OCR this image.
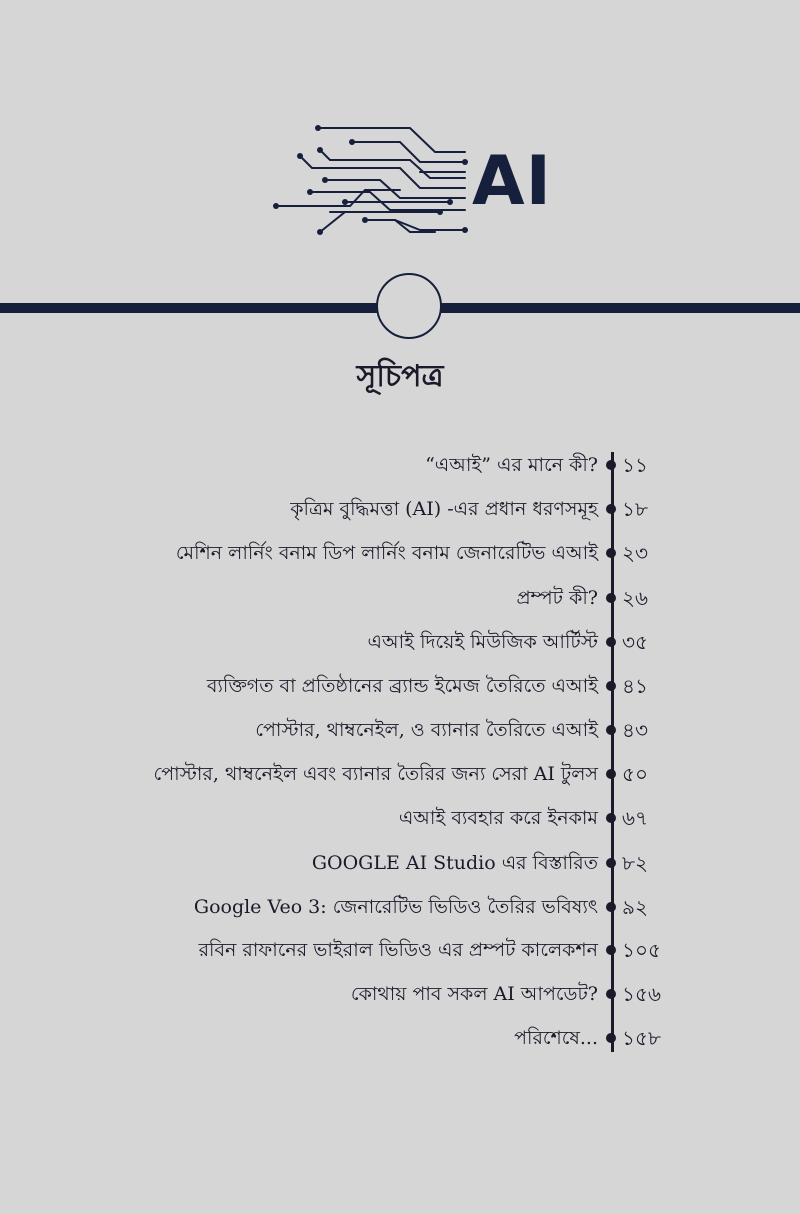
AI
সূচিপত্র
“এআই” এর মানে কী? ১১
কৃত্রিম বুদ্ধিমত্তা (AI) -এর প্রধান ধরণসমূহ ১৮
মেশিন লার্নিং বনাম ডিপ লার্নিং বনাম জেনারেটিভ এআই ২৩
প্রম্পট কী? ২৬
এআই দিয়েই মিউজিক আর্টিস্ট ৩৫
ব্যক্তিগত বা প্রতিষ্ঠানের ব্র্যান্ড ইমেজ তৈরিতে এআই ৪১
পোস্টার, থাম্বনেইল, ও ব্যানার তৈরিতে এআই ৪৩
পোস্টার, থাম্বনেইল এবং ব্যানার তৈরির জন্য সেরা AI টুলস ৫০
এআই ব্যবহার করে ইনকাম ৬৭
GOOGLE AI Studio এর বিস্তারিত ৮২
Google Veo 3: জেনারেটিভ ভিডিও তৈরির ভবিষ্যৎ ৯২
রবিন রাফানের ভাইরাল ভিডিও এর প্রম্পট কালেকশন ১০৫
কোথায় পাব সকল AI আপডেট? ১৫৬
পরিশেষে... ১৫৮
